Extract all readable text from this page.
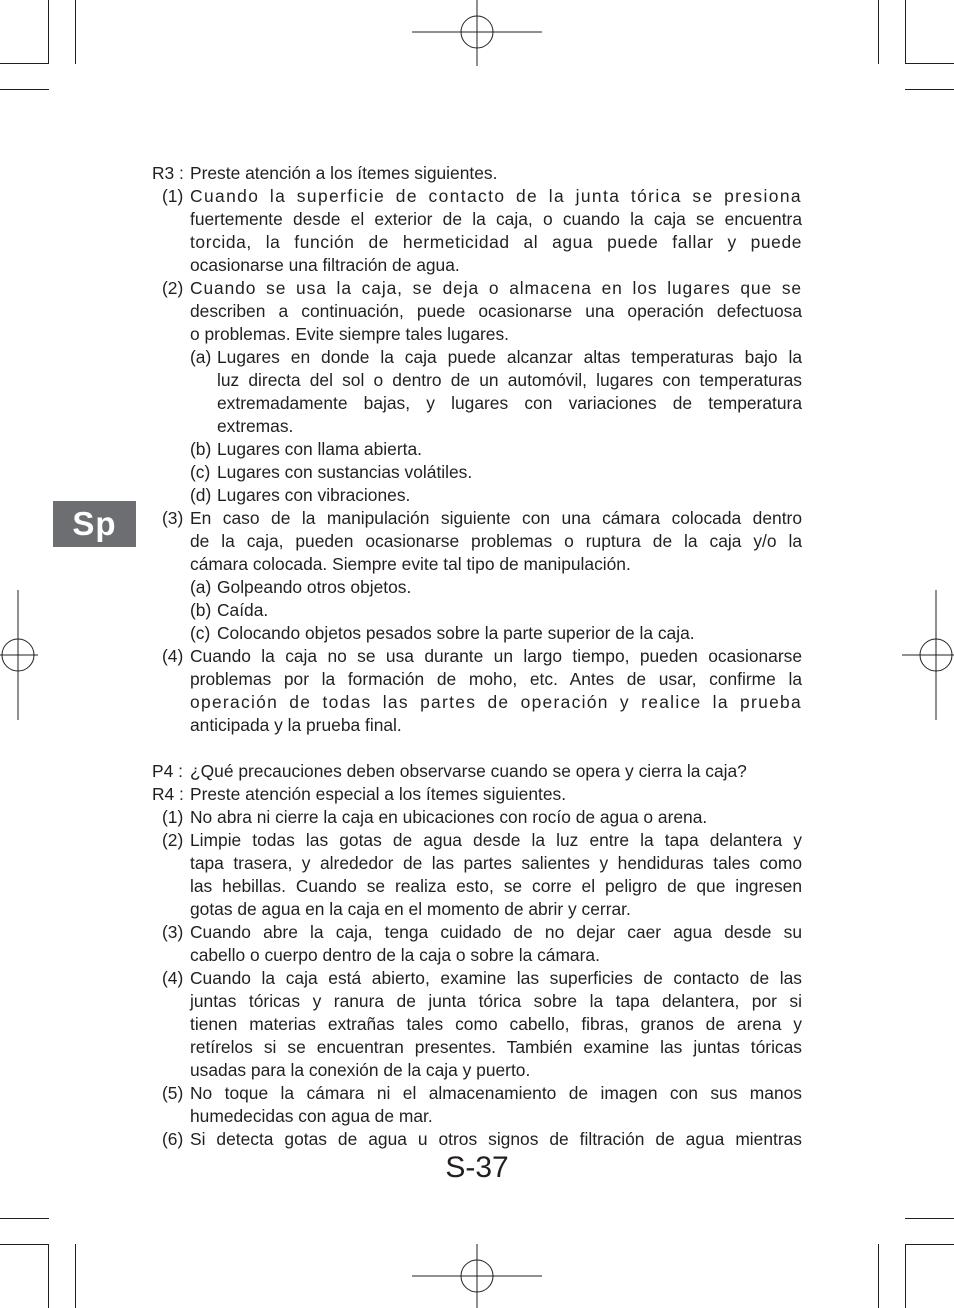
Sp
R3 : Preste atención a los ítemes siguientes.
(1) Cuando la superficie de contacto de la junta tórica se presiona
fuertemente desde el exterior de la caja, o cuando la caja se encuentra
torcida, la función de hermeticidad al agua puede fallar y puede
ocasionarse una filtración de agua.
(2) Cuando se usa la caja, se deja o almacena en los lugares que se
describen a continuación, puede ocasionarse una operación defectuosa
o problemas. Evite siempre tales lugares.
(a) Lugares en donde la caja puede alcanzar altas temperaturas bajo la
luz directa del sol o dentro de un automóvil, lugares con temperaturas
extremadamente bajas, y lugares con variaciones de temperatura
extremas.
(b) Lugares con llama abierta.
(c) Lugares con sustancias volátiles.
(d) Lugares con vibraciones.
(3) En caso de la manipulación siguiente con una cámara colocada dentro
de la caja, pueden ocasionarse problemas o ruptura de la caja y/o la
cámara colocada. Siempre evite tal tipo de manipulación.
(a) Golpeando otros objetos.
(b) Caída.
(c) Colocando objetos pesados sobre la parte superior de la caja.
(4) Cuando la caja no se usa durante un largo tiempo, pueden ocasionarse
problemas por la formación de moho, etc. Antes de usar, confirme la
operación de todas las partes de operación y realice la prueba
anticipada y la prueba final.
P4 : ¿Qué precauciones deben observarse cuando se opera y cierra la caja?
R4 : Preste atención especial a los ítemes siguientes.
(1) No abra ni cierre la caja en ubicaciones con rocío de agua o arena.
(2) Limpie todas las gotas de agua desde la luz entre la tapa delantera y
tapa trasera, y alrededor de las partes salientes y hendiduras tales como
las hebillas. Cuando se realiza esto, se corre el peligro de que ingresen
gotas de agua en la caja en el momento de abrir y cerrar.
(3) Cuando abre la caja, tenga cuidado de no dejar caer agua desde su
cabello o cuerpo dentro de la caja o sobre la cámara.
(4) Cuando la caja está abierto, examine las superficies de contacto de las
juntas tóricas y ranura de junta tórica sobre la tapa delantera, por si
tienen materias extrañas tales como cabello, fibras, granos de arena y
retírelos si se encuentran presentes. También examine las juntas tóricas
usadas para la conexión de la caja y puerto.
(5) No toque la cámara ni el almacenamiento de imagen con sus manos
humedecidas con agua de mar.
(6) Si detecta gotas de agua u otros signos de filtración de agua mientras
S-37
